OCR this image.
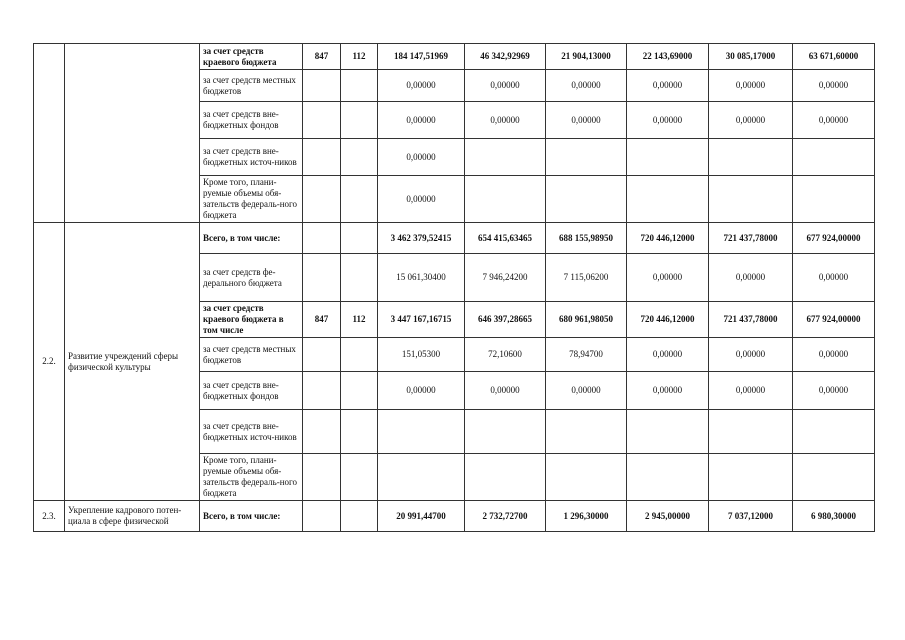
		за счет средств краевого бюджета	847	112	184 147,51969	46 342,92969	21 904,13000	22 143,69000	30 085,17000	63 671,60000
		за счет средств местных бюджетов			0,00000	0,00000	0,00000	0,00000	0,00000	0,00000
		за счет средств вне-бюджетных фондов			0,00000	0,00000	0,00000	0,00000	0,00000	0,00000
		за счет средств вне-бюджетных источ-ников			0,00000					
		Кроме того, плани-руемые объемы обя-зательств федераль-ного бюджета			0,00000					
2.2.	Развитие учреждений сферы физической культуры	Всего, в том числе:			3 462 379,52415	654 415,63465	688 155,98950	720 446,12000	721 437,78000	677 924,00000
		за счет средств фе-дерального бюджета			15 061,30400	7 946,24200	7 115,06200	0,00000	0,00000	0,00000
		за счет средств краевого бюджета в том числе	847	112	3 447 167,16715	646 397,28665	680 961,98050	720 446,12000	721 437,78000	677 924,00000
		за счет средств местных бюджетов			151,05300	72,10600	78,94700	0,00000	0,00000	0,00000
		за счет средств вне-бюджетных фондов			0,00000	0,00000	0,00000	0,00000	0,00000	0,00000
		за счет средств вне-бюджетных источ-ников								
		Кроме того, плани-руемые объемы обя-зательств федераль-ного бюджета								
2.3.	Укрепление кадрового потен-циала в сфере физической	Всего, в том числе:			20 991,44700	2 732,72700	1 296,30000	2 945,00000	7 037,12000	6 980,30000
